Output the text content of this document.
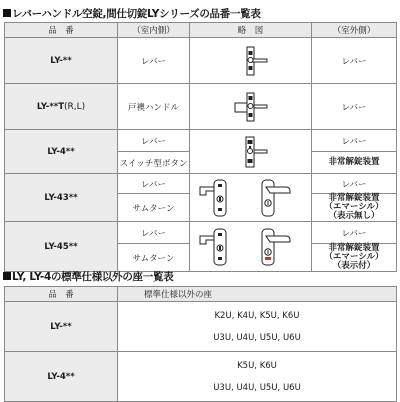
レバーハンドル空錠,間仕切錠LYシリーズの品番一覧表
品　番	（室内側）	略　図	（室外側）
LY-**	レバー		レバー
LY-**T(R,L)	戸襖ハンドル		レバー
LY-4**	レバー		レバー
	スイッチ型ボタン		非常解錠装置
LY-43**	レバー		レバー
	サムターン		非常解錠装置
（エマーシル）
（表示無し）
LY-45**	レバー		レバー
	サムターン		非常解錠装置
（エマーシル）
（表示付）
LY, LY-4の標準仕様以外の座一覧表
品　番	標準仕様以外の座
LY-**	K2U, K4U, K5U, K6U
U3U, U4U, U5U, U6U

LY-4**	K5U, K6U
U3U, U4U, U5U, U6U
